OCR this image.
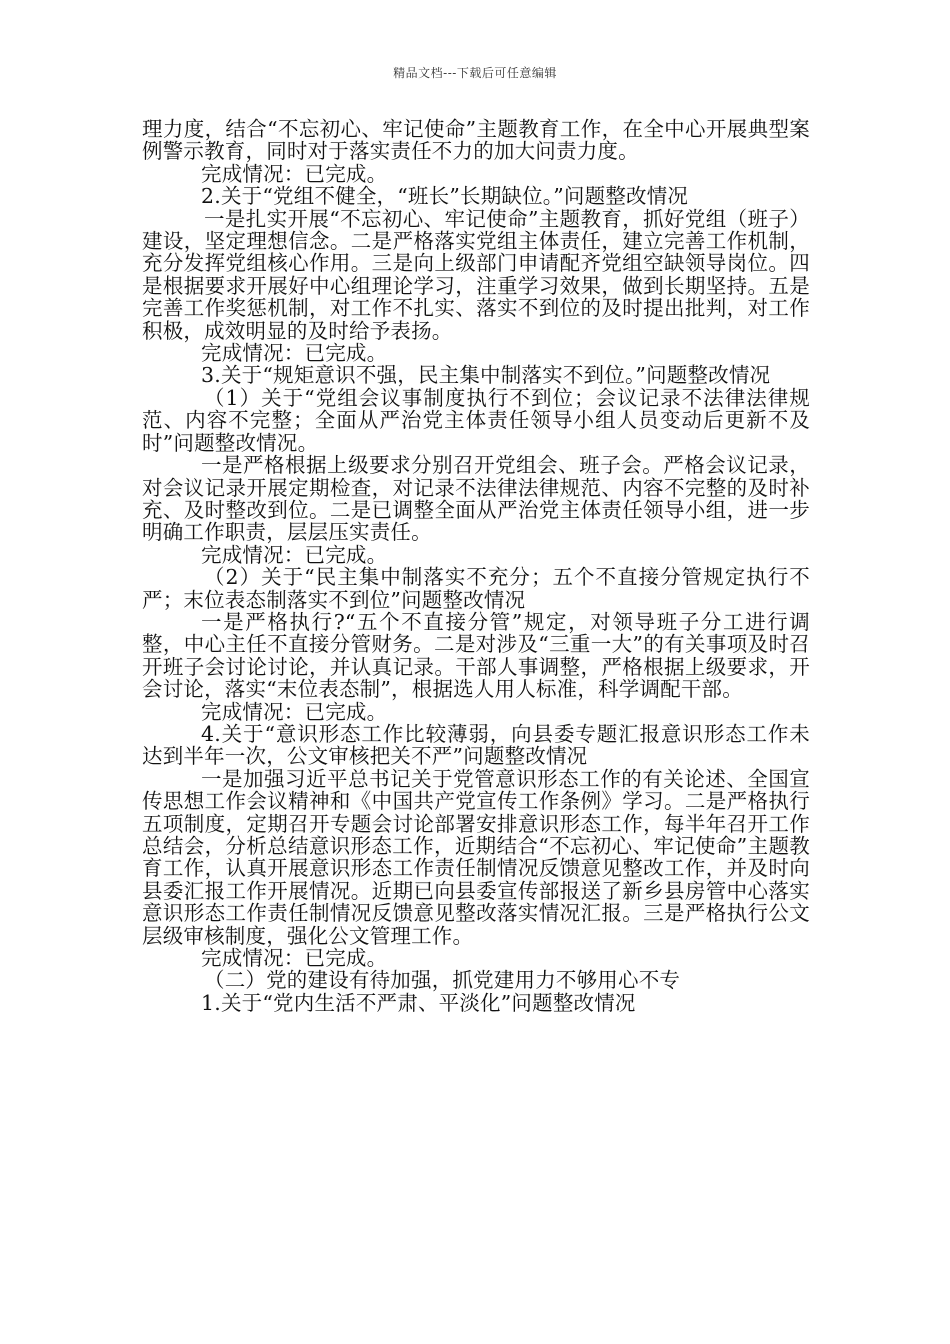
精品文档---下载后可任意编辑

理力度，结合“不忘初心、牢记使命”主题教育工作，在全中心开展典型案例警示教育，同时对于落实责任不力的加大问责力度。

完成情况：已完成。

2.关于“党组不健全，“班长”长期缺位。”问题整改情况

一是扎实开展“不忘初心、牢记使命”主题教育，抓好党组（班子）建设，坚定理想信念。二是严格落实党组主体责任，建立完善工作机制，充分发挥党组核心作用。三是向上级部门申请配齐党组空缺领导岗位。四是根据要求开展好中心组理论学习，注重学习效果，做到长期坚持。五是完善工作奖惩机制，对工作不扎实、落实不到位的及时提出批判，对工作积极，成效明显的及时给予表扬。

完成情况：已完成。

3.关于“规矩意识不强，民主集中制落实不到位。”问题整改情况

（1）关于“党组会议事制度执行不到位；会议记录不法律法律规范、内容不完整；全面从严治党主体责任领导小组人员变动后更新不及时”问题整改情况。

一是严格根据上级要求分别召开党组会、班子会。严格会议记录，对会议记录开展定期检查，对记录不法律法律规范、内容不完整的及时补充、及时整改到位。二是已调整全面从严治党主体责任领导小组，进一步明确工作职责，层层压实责任。

完成情况：已完成。

（2）关于“民主集中制落实不充分；五个不直接分管规定执行不严；末位表态制落实不到位”问题整改情况

一是严格执行?“五个不直接分管”规定，对领导班子分工进行调整，中心主任不直接分管财务。二是对涉及“三重一大”的有关事项及时召开班子会讨论讨论，并认真记录。干部人事调整，严格根据上级要求，开会讨论，落实“末位表态制”，根据选人用人标准，科学调配干部。

完成情况：已完成。

4.关于“意识形态工作比较薄弱，向县委专题汇报意识形态工作未达到半年一次，公文审核把关不严”问题整改情况

一是加强习近平总书记关于党管意识形态工作的有关论述、全国宣传思想工作会议精神和《中国共产党宣传工作条例》学习。二是严格执行五项制度，定期召开专题会讨论部署安排意识形态工作，每半年召开工作总结会，分析总结意识形态工作，近期结合“不忘初心、牢记使命”主题教育工作，认真开展意识形态工作责任制情况反馈意见整改工作，并及时向县委汇报工作开展情况。近期已向县委宣传部报送了新乡县房管中心落实意识形态工作责任制情况反馈意见整改落实情况汇报。三是严格执行公文层级审核制度，强化公文管理工作。

完成情况：已完成。

（二）党的建设有待加强，抓党建用力不够用心不专

1.关于“党内生活不严肃、平淡化”问题整改情况
